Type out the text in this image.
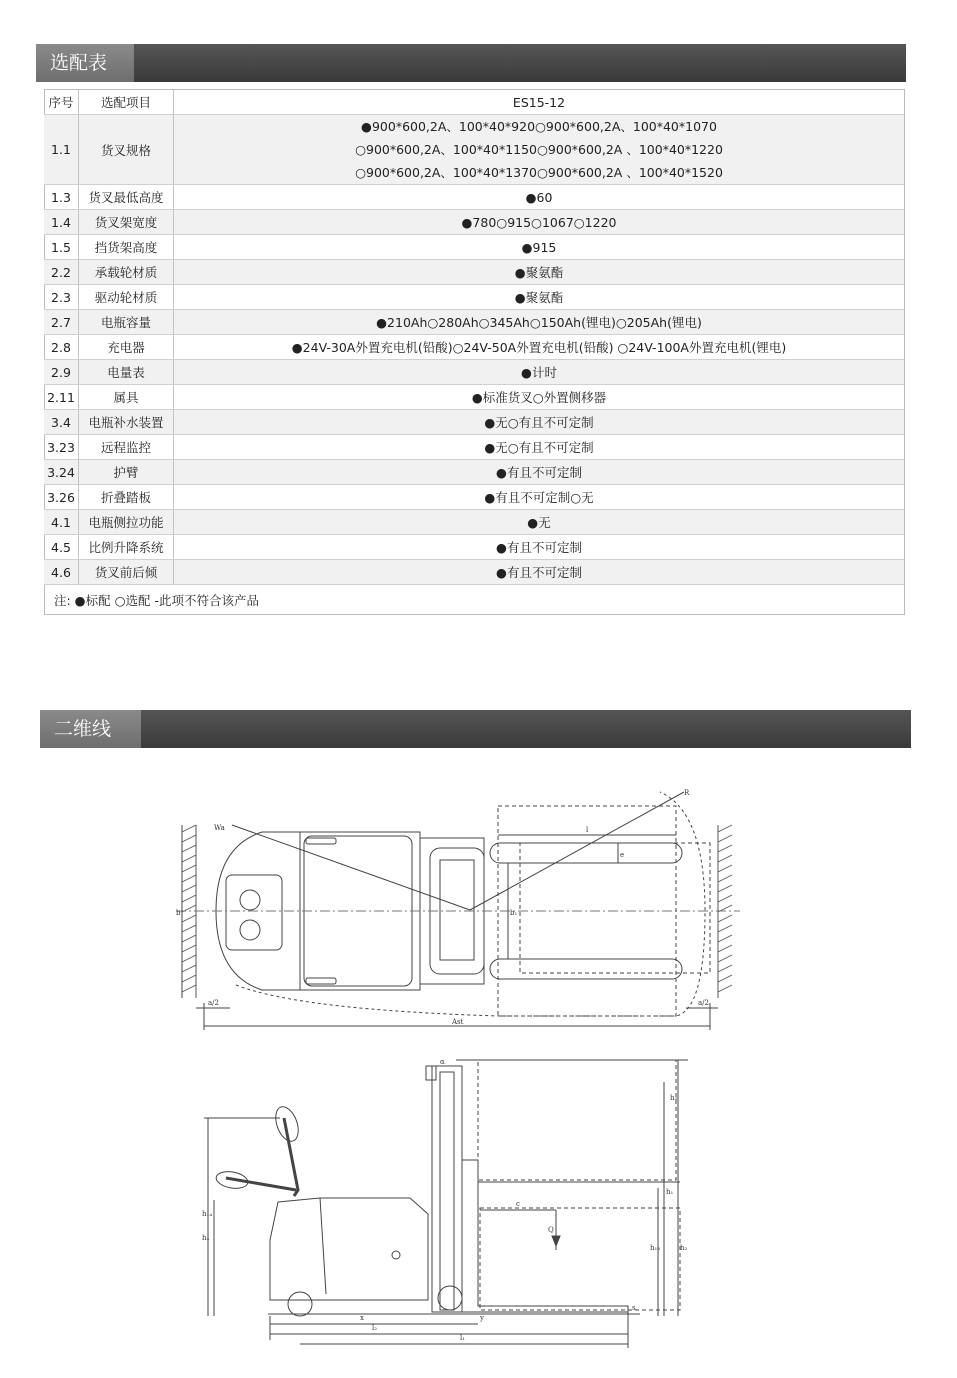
选配表
序号	选配项目	ES15-12
1.1	货叉规格	●900*600,2A、100*40*920○900*600,2A、100*40*1070
○900*600,2A、100*40*1150○900*600,2A 、100*40*1220
○900*600,2A、100*40*1370○900*600,2A 、100*40*1520

1.3	货叉最低高度	●60
1.4	货叉架宽度	●780○915○1067○1220
1.5	挡货架高度	●915
2.2	承载轮材质	●聚氨酯
2.3	驱动轮材质	●聚氨酯
2.7	电瓶容量	●210Ah○280Ah○345Ah○150Ah(锂电)○205Ah(锂电)
2.8	充电器	●24V-30A外置充电机(铅酸)○24V-50A外置充电机(铅酸) ○24V-100A外置充电机(锂电)
2.9	电量表	●计时
2.11	属具	●标准货叉○外置侧移器
3.4	电瓶补水装置	●无○有且不可定制
3.23	远程监控	●无○有且不可定制
3.24	护臂	●有且不可定制
3.26	折叠踏板	●有且不可定制○无
4.1	电瓶侧拉功能	●无
4.5	比例升降系统	●有且不可定制
4.6	货叉前后倾	●有且不可定制
注: ●标配 ○选配 -此项不符合该产品		
二维线图
Wa
R
l
e
b	b₁
a/2	a/2
Ast
α
h₁₄
h₄
h₃
h₁
h₁₃	h₂
c
Q
x	y
l₂
l₁
s
